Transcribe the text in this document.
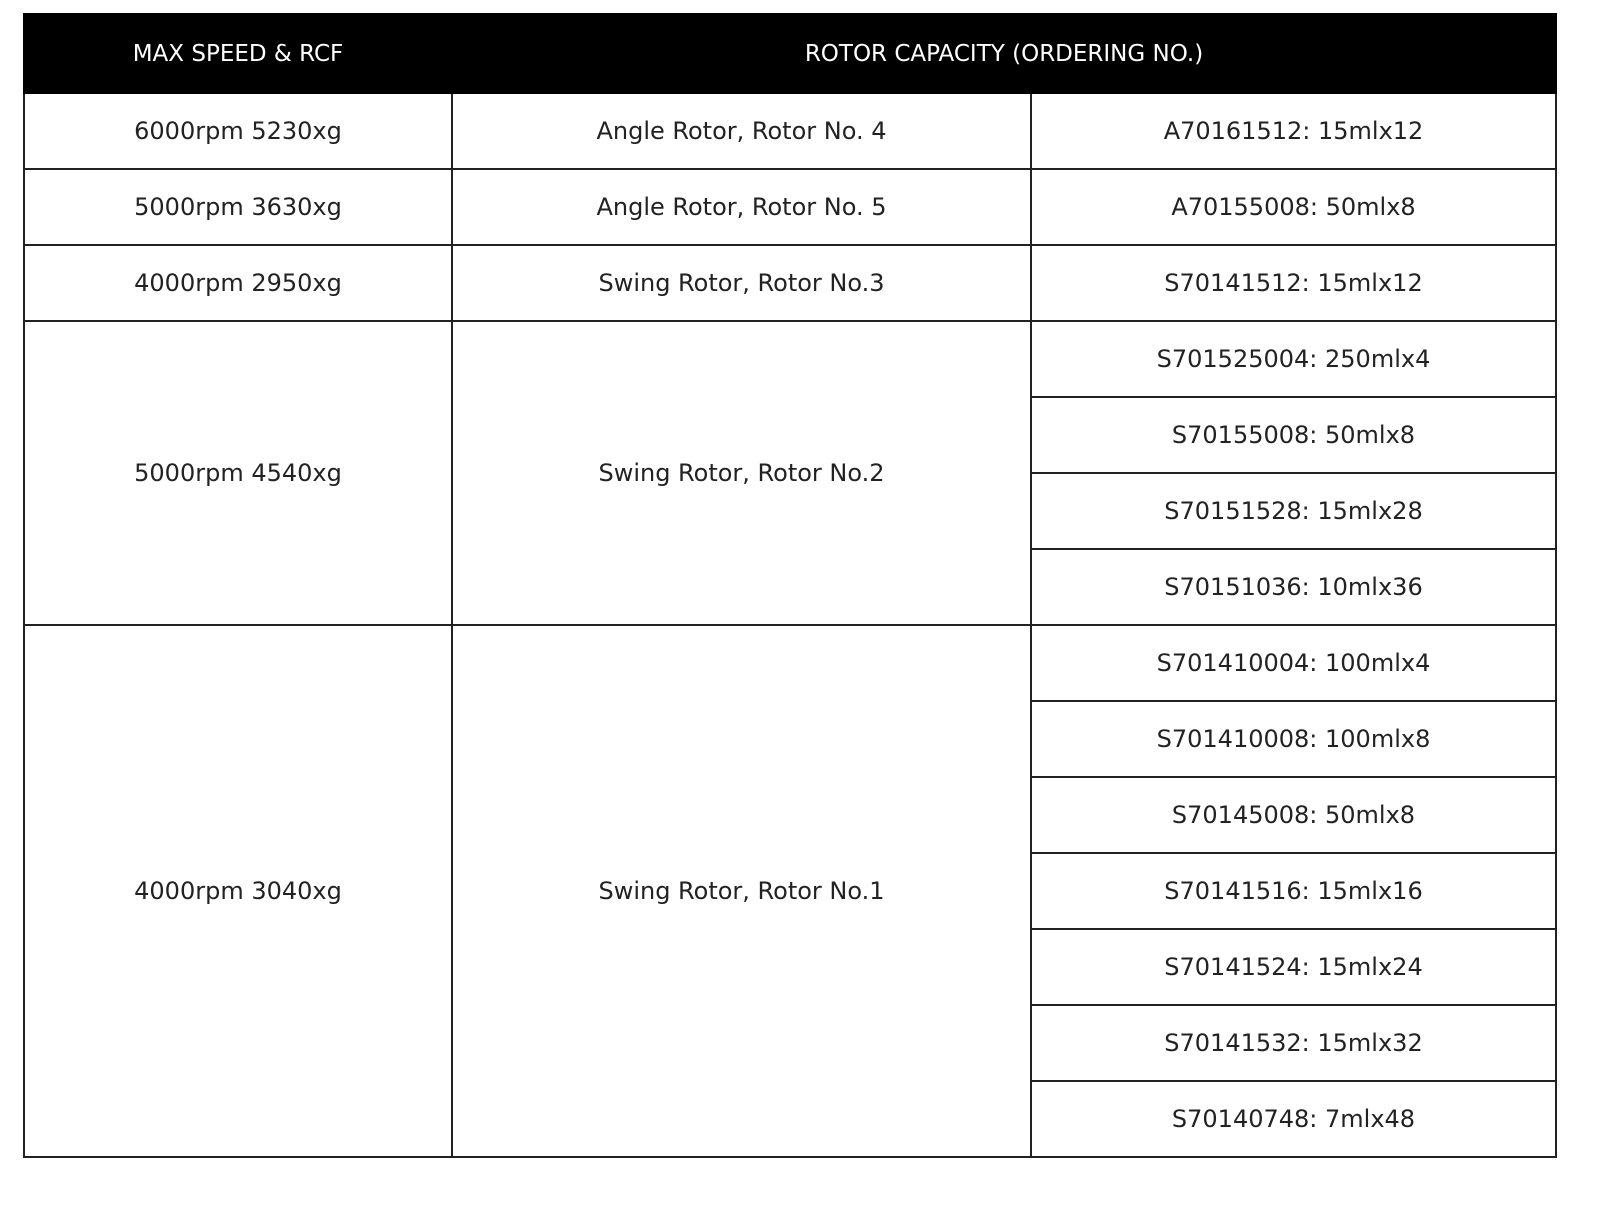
MAX SPEED & RCF	ROTOR CAPACITY (ORDERING NO.)	
6000rpm 5230xg	Angle Rotor, Rotor No. 4	A70161512: 15mlx12
5000rpm 3630xg	Angle Rotor, Rotor No. 5	A70155008: 50mlx8
4000rpm 2950xg	Swing Rotor, Rotor No.3	S70141512: 15mlx12
5000rpm 4540xg	Swing Rotor, Rotor No.2	S701525004: 250mlx4
		S70155008: 50mlx8
		S70151528: 15mlx28
		S70151036: 10mlx36
4000rpm 3040xg	Swing Rotor, Rotor No.1	S701410004: 100mlx4
		S701410008: 100mlx8
		S70145008: 50mlx8
		S70141516: 15mlx16
		S70141524: 15mlx24
		S70141532: 15mlx32
		S70140748: 7mlx48
